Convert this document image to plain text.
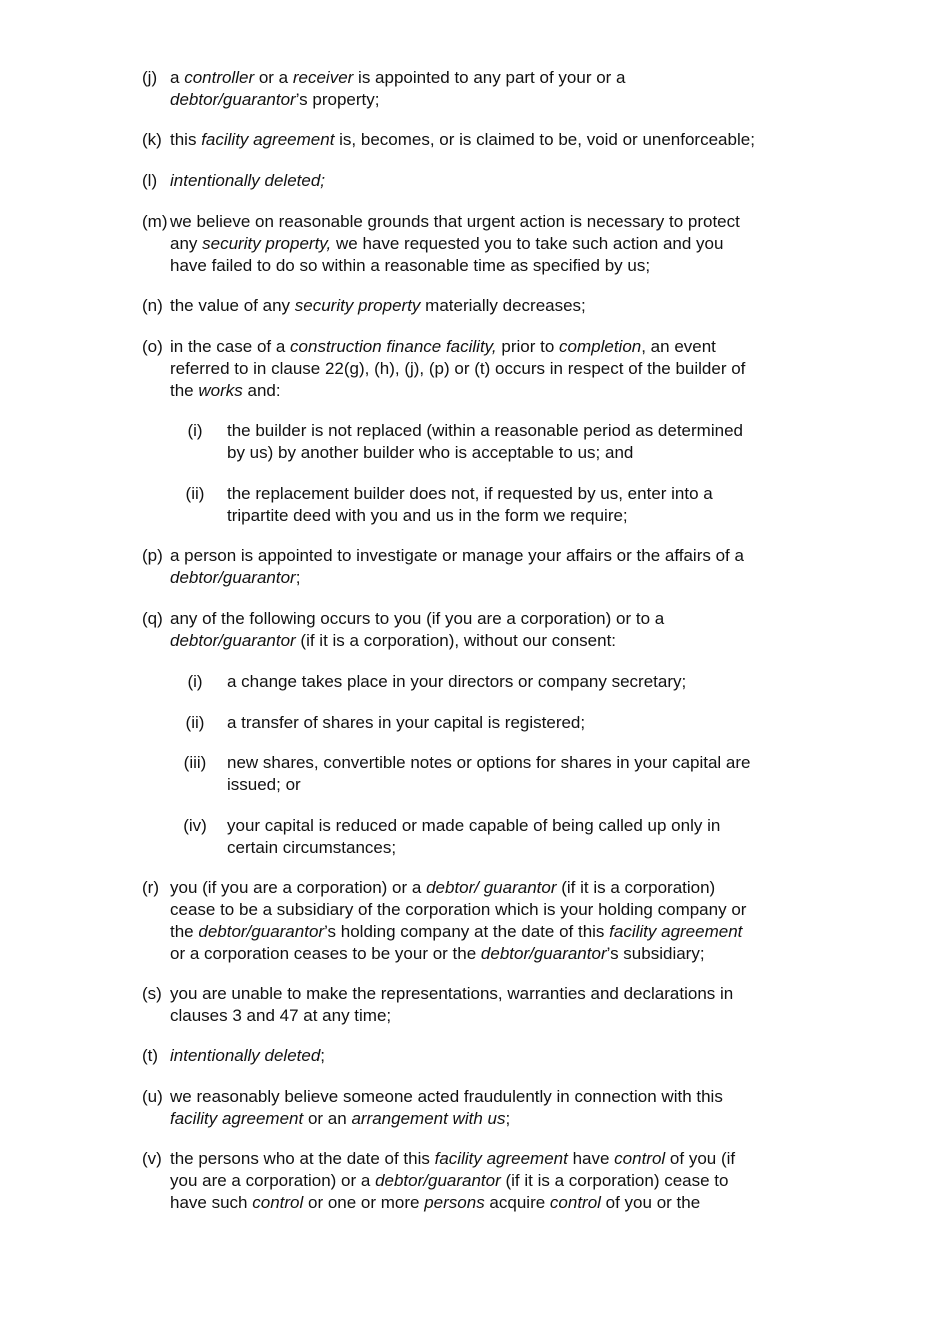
(j) a controller or a receiver is appointed to any part of your or a
debtor/guarantor’s property;
(k) this facility agreement is, becomes, or is claimed to be, void or unenforceable;
(l) intentionally deleted;
(m) we believe on reasonable grounds that urgent action is necessary to protect
any security property, we have requested you to take such action and you
have failed to do so within a reasonable time as specified by us;
(n) the value of any security property materially decreases;
(o) in the case of a construction finance facility, prior to completion, an event
referred to in clause 22(g), (h), (j), (p) or (t) occurs in respect of the builder of
the works and:
(i)	the builder is not replaced (within a reasonable period as determined
by us) by another builder who is acceptable to us; and
(ii)	the replacement builder does not, if requested by us, enter into a
tripartite deed with you and us in the form we require;
(p) a person is appointed to investigate or manage your affairs or the affairs of a
debtor/guarantor;
(q) any of the following occurs to you (if you are a corporation) or to a
debtor/guarantor (if it is a corporation), without our consent:
(i)	a change takes place in your directors or company secretary;
(ii)	a transfer of shares in your capital is registered;
(iii)	new shares, convertible notes or options for shares in your capital are
issued; or
(iv)	your capital is reduced or made capable of being called up only in
certain circumstances;
(r) you (if you are a corporation) or a debtor/ guarantor (if it is a corporation)
cease to be a subsidiary of the corporation which is your holding company or
the debtor/guarantor’s holding company at the date of this facility agreement
or a corporation ceases to be your or the debtor/guarantor’s subsidiary;
(s) you are unable to make the representations, warranties and declarations in
clauses 3 and 47 at any time;
(t) intentionally deleted;
(u) we reasonably believe someone acted fraudulently in connection with this
facility agreement or an arrangement with us;
(v) the persons who at the date of this facility agreement have control of you (if
you are a corporation) or a debtor/guarantor (if it is a corporation) cease to
have such control or one or more persons acquire control of you or the
